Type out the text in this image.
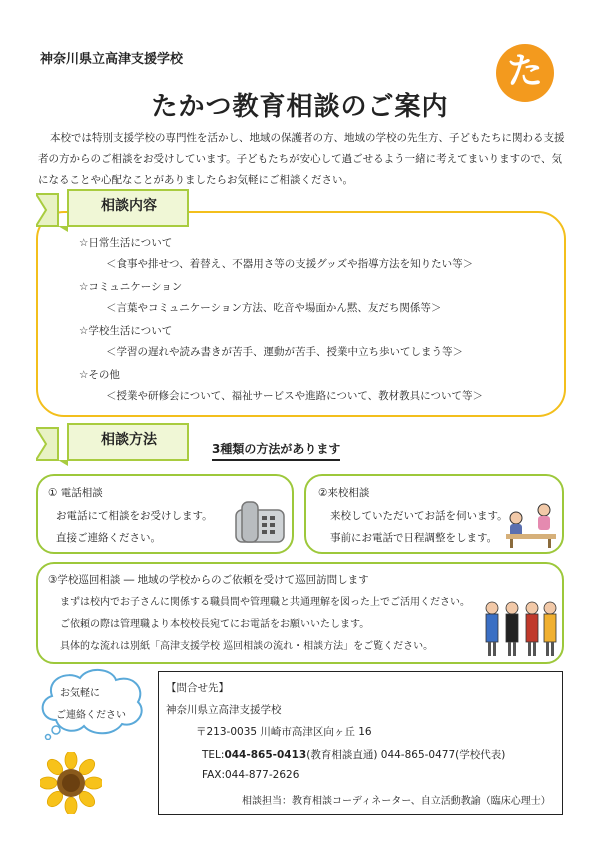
神奈川県立高津支援学校	た
たかつ教育相談のご案内
本校では特別支援学校の専門性を活かし、地域の保護者の方、地域の学校の先生方、子どもたちに関わる支援者の方からのご相談をお受けしています。子どもたちが安心して過ごせるよう一緒に考えてまいりますので、気になることや心配なことがありましたらお気軽にご相談ください。
相談内容
☆日常生活について
＜食事や排せつ、着替え、不器用さ等の支援グッズや指導方法を知りたい等＞
☆コミュニケーション
＜言葉やコミュニケーション方法、吃音や場面かん黙、友だち関係等＞
☆学校生活について
＜学習の遅れや読み書きが苦手、運動が苦手、授業中立ち歩いてしまう等＞
☆その他
＜授業や研修会について、福祉サービスや進路について、教材教具について等＞
相談方法
3種類の方法があります
① 電話相談
お電話にて相談をお受けします。
直接ご連絡ください。
②来校相談
来校していただいてお話を伺います。
事前にお電話で日程調整をします。
③学校巡回相談 ― 地域の学校からのご依頼を受けて巡回訪問します
まずは校内でお子さんに関係する職員間や管理職と共通理解を図った上でご活用ください。
ご依頼の際は管理職より本校校長宛てにお電話をお願いいたします。
具体的な流れは別紙「高津支援学校 巡回相談の流れ・相談方法」をご覧ください。
お気軽に
ご連絡ください
【問合せ先】
神奈川県立高津支援学校
〒213-0035 川崎市高津区向ヶ丘 16
TEL:044-865-0413(教育相談直通) 044-865-0477(学校代表)
FAX:044-877-2626
相談担当：教育相談コーディネーター、自立活動教諭（臨床心理士）
